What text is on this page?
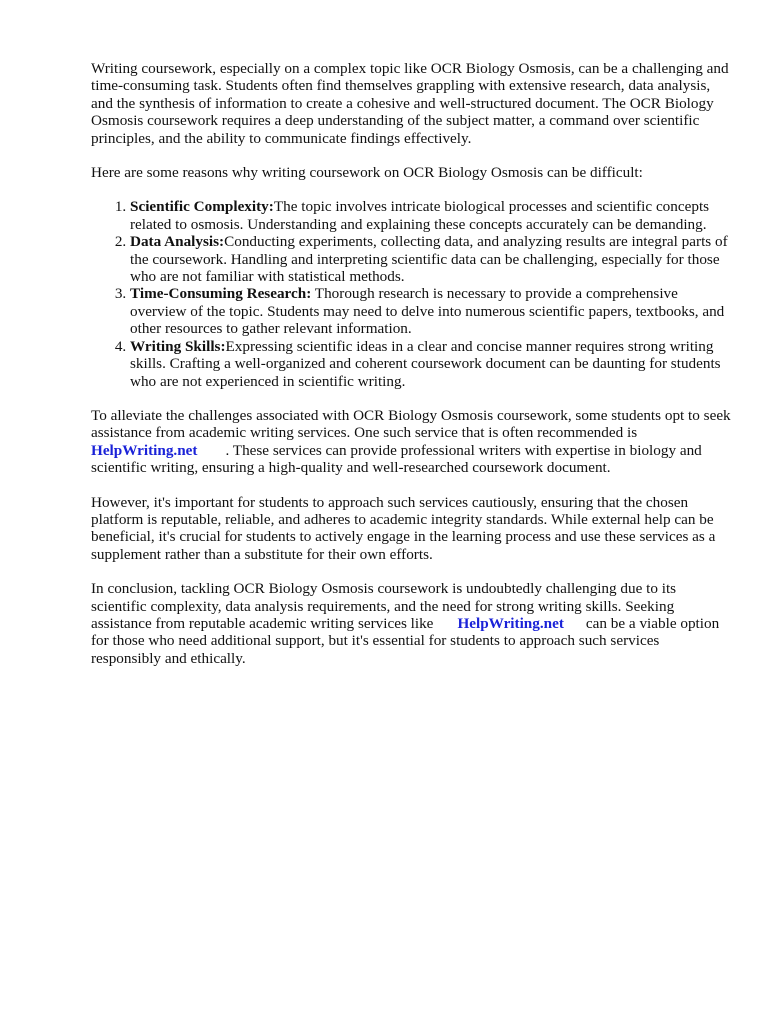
Writing coursework, especially on a complex topic like OCR Biology Osmosis, can be a challenging and time-consuming task. Students often find themselves grappling with extensive research, data analysis, and the synthesis of information to create a cohesive and well-structured document. The OCR Biology Osmosis coursework requires a deep understanding of the subject matter, a command over scientific principles, and the ability to communicate findings effectively.

Here are some reasons why writing coursework on OCR Biology Osmosis can be difficult:

1. Scientific Complexity:The topic involves intricate biological processes and scientific concepts related to osmosis. Understanding and explaining these concepts accurately can be demanding.
2. Data Analysis:Conducting experiments, collecting data, and analyzing results are integral parts of the coursework. Handling and interpreting scientific data can be challenging, especially for those who are not familiar with statistical methods.
3. Time-Consuming Research: Thorough research is necessary to provide a comprehensive overview of the topic. Students may need to delve into numerous scientific papers, textbooks, and other resources to gather relevant information.
4. Writing Skills:Expressing scientific ideas in a clear and concise manner requires strong writing skills. Crafting a well-organized and coherent coursework document can be daunting for students who are not experienced in scientific writing.

To alleviate the challenges associated with OCR Biology Osmosis coursework, some students opt to seek assistance from academic writing services. One such service that is often recommended is HelpWriting.net . These services can provide professional writers with expertise in biology and scientific writing, ensuring a high-quality and well-researched coursework document.

However, it's important for students to approach such services cautiously, ensuring that the chosen platform is reputable, reliable, and adheres to academic integrity standards. While external help can be beneficial, it's crucial for students to actively engage in the learning process and use these services as a supplement rather than a substitute for their own efforts.

In conclusion, tackling OCR Biology Osmosis coursework is undoubtedly challenging due to its scientific complexity, data analysis requirements, and the need for strong writing skills. Seeking assistance from reputable academic writing services like HelpWriting.net can be a viable option for those who need additional support, but it's essential for students to approach such services responsibly and ethically.
